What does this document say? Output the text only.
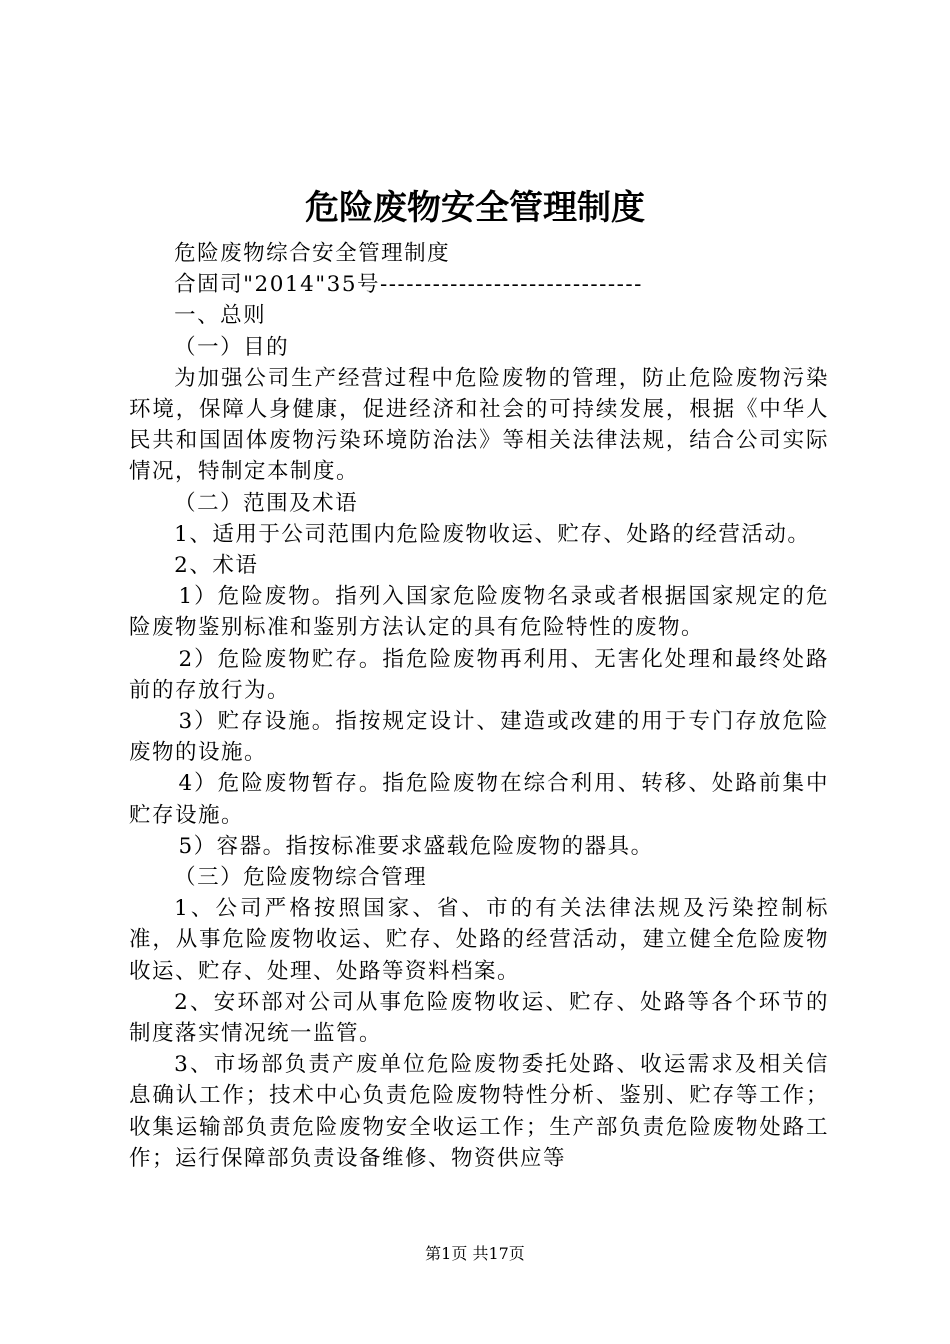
危险废物安全管理制度

危险废物综合安全管理制度

合固司"2014"35号------------------------------

一、总则

（一）目的

为加强公司生产经营过程中危险废物的管理，防止危险废物污染环境，保障人身健康，促进经济和社会的可持续发展，根据《中华人民共和国固体废物污染环境防治法》等相关法律法规，结合公司实际情况，特制定本制度。

（二）范围及术语

1、适用于公司范围内危险废物收运、贮存、处路的经营活动。

2、术语

1）危险废物。指列入国家危险废物名录或者根据国家规定的危险废物鉴别标准和鉴别方法认定的具有危险特性的废物。

2）危险废物贮存。指危险废物再利用、无害化处理和最终处路前的存放行为。

3）贮存设施。指按规定设计、建造或改建的用于专门存放危险废物的设施。

4）危险废物暂存。指危险废物在综合利用、转移、处路前集中贮存设施。

5）容器。指按标准要求盛载危险废物的器具。

（三）危险废物综合管理

1、公司严格按照国家、省、市的有关法律法规及污染控制标准，从事危险废物收运、贮存、处路的经营活动，建立健全危险废物收运、贮存、处理、处路等资料档案。

2、安环部对公司从事危险废物收运、贮存、处路等各个环节的制度落实情况统一监管。

3、市场部负责产废单位危险废物委托处路、收运需求及相关信息确认工作；技术中心负责危险废物特性分析、鉴别、贮存等工作；收集运输部负责危险废物安全收运工作；生产部负责危险废物处路工作；运行保障部负责设备维修、物资供应等

第1页 共17页
